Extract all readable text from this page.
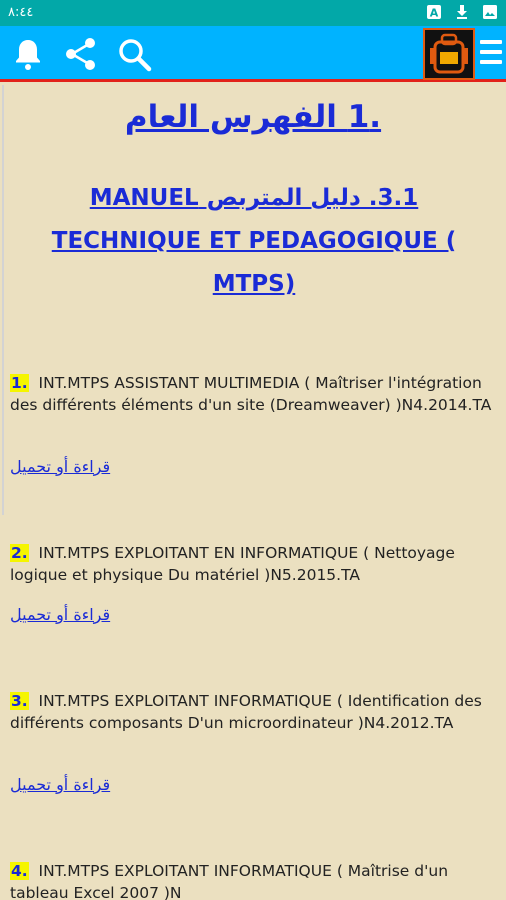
٨:٤٤	A
.1 الفهرس العام
3.1. دليل المتربص MANUEL TECHNIQUE ET PEDAGOGIQUE ( MTPS)
1. INT.MTPS ASSISTANT MULTIMEDIA ( Maîtriser l'intégration des différents éléments d'un site (Dreamweaver) )N4.2014.TA
قراءة أو تحميل
2. INT.MTPS EXPLOITANT EN INFORMATIQUE ( Nettoyage logique et physique Du matériel )N5.2015.TA
قراءة أو تحميل
3. INT.MTPS EXPLOITANT INFORMATIQUE ( Identification des différents composants D'un microordinateur )N4.2012.TA
قراءة أو تحميل
4. INT.MTPS EXPLOITANT INFORMATIQUE ( Maîtrise d'un tableau Excel 2007 )N
